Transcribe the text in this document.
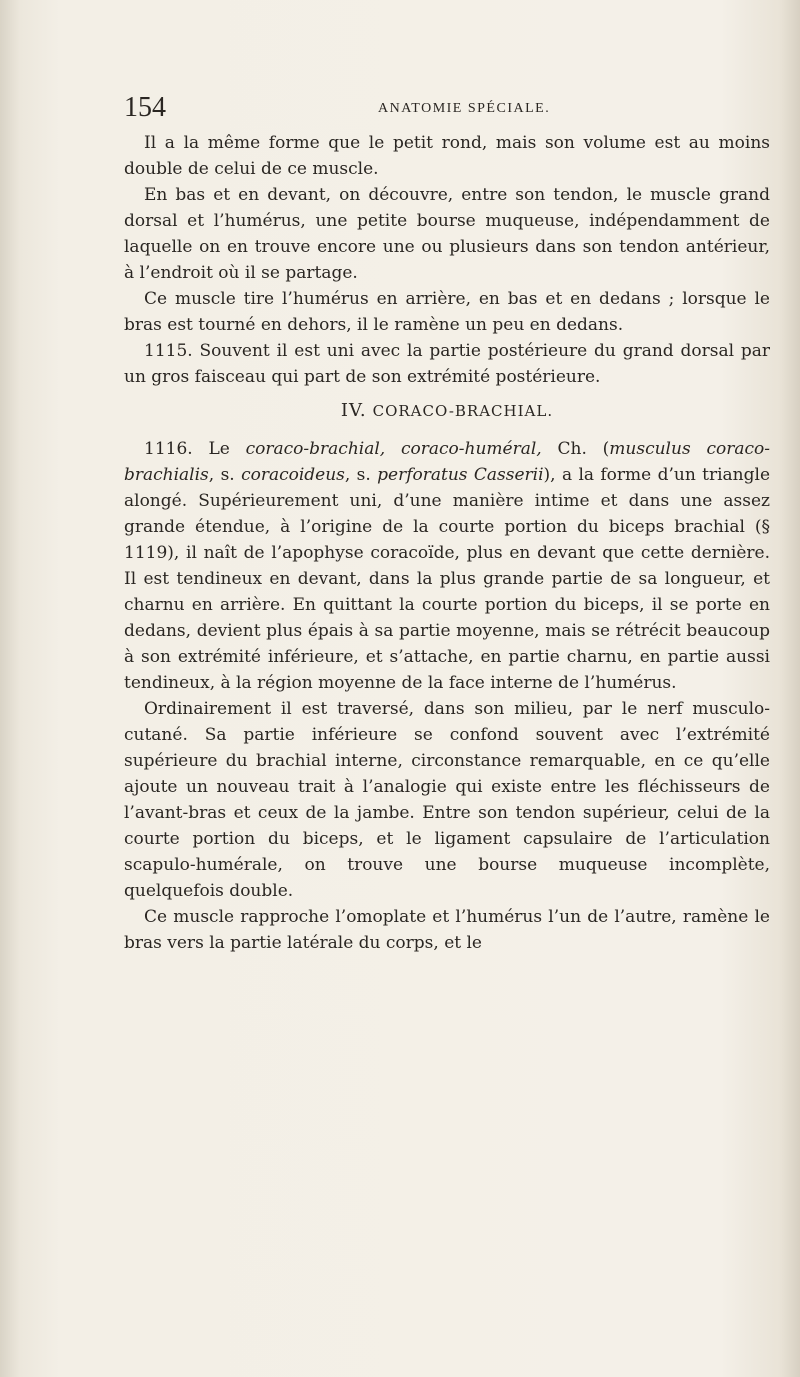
154	ANATOMIE SPÉCIALE.

Il a la même forme que le petit rond, mais son volume est au moins double de celui de ce muscle.

En bas et en devant, on découvre, entre son tendon, le muscle grand dorsal et l’humérus, une petite bourse muqueuse, indépendamment de laquelle on en trouve encore une ou plusieurs dans son tendon antérieur, à l’endroit où il se partage.

Ce muscle tire l’humérus en arrière, en bas et en dedans ; lorsque le bras est tourné en dehors, il le ramène un peu en dedans.

1115. Souvent il est uni avec la partie postérieure du grand dorsal par un gros faisceau qui part de son extrémité postérieure.

IV. CORACO-BRACHIAL.

1116. Le coraco-brachial, coraco-huméral, Ch. (musculus coraco-brachialis, s. coracoideus, s. perforatus Casserii), a la forme d’un triangle alongé. Supérieurement uni, d’une manière intime et dans une assez grande étendue, à l’origine de la courte portion du biceps brachial (§ 1119), il naît de l’apophyse coracoïde, plus en devant que cette dernière. Il est tendineux en devant, dans la plus grande partie de sa longueur, et charnu en arrière. En quittant la courte portion du biceps, il se porte en dedans, devient plus épais à sa partie moyenne, mais se rétrécit beaucoup à son extrémité inférieure, et s’attache, en partie charnu, en partie aussi tendineux, à la région moyenne de la face interne de l’humérus.

Ordinairement il est traversé, dans son milieu, par le nerf musculo-cutané. Sa partie inférieure se confond souvent avec l’extrémité supérieure du brachial interne, circonstance remarquable, en ce qu’elle ajoute un nouveau trait à l’analogie qui existe entre les fléchisseurs de l’avant-bras et ceux de la jambe. Entre son tendon supérieur, celui de la courte portion du biceps, et le ligament capsulaire de l’articulation scapulo-humérale, on trouve une bourse muqueuse incomplète, quelquefois double.

Ce muscle rapproche l’omoplate et l’humérus l’un de l’autre, ramène le bras vers la partie latérale du corps, et le
